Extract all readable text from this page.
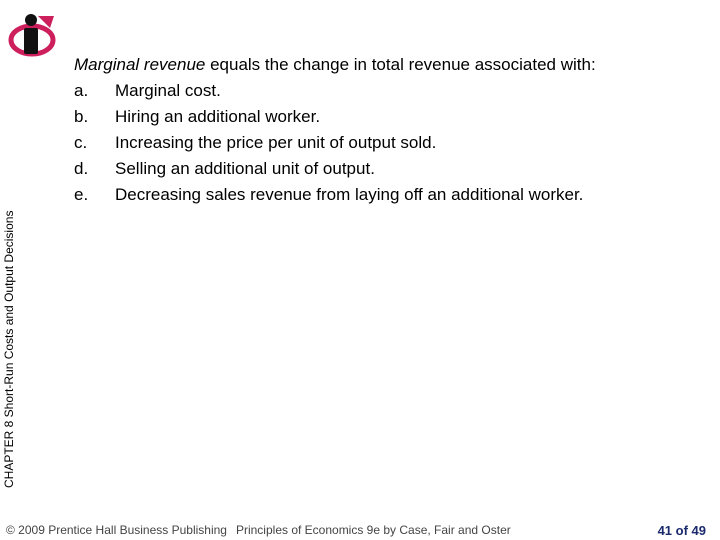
CHAPTER 8 Short-Run Costs and Output Decisions
Marginal revenue equals the change in total revenue associated with:
a.	Marginal cost.
b.	Hiring an additional worker.
c.	Increasing the price per unit of output sold.
d.	Selling an additional unit of output.
e.	Decreasing sales revenue from laying off an additional worker.
© 2009 Prentice Hall Business Publishing Principles of Economics 9e by Case, Fair and Oster	41 of 49
